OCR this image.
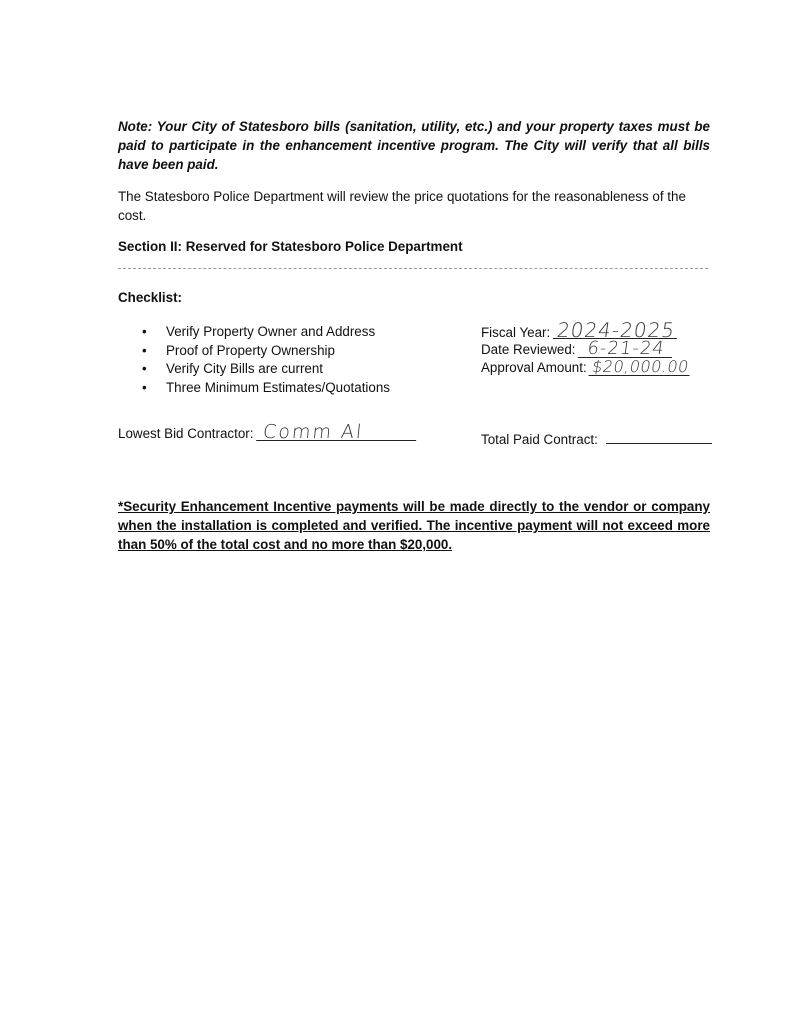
Note: Your City of Statesboro bills (sanitation, utility, etc.) and your property taxes must be paid to participate in the enhancement incentive program. The City will verify that all bills have been paid.

The Statesboro Police Department will review the price quotations for the reasonableness of the cost.

Section II: Reserved for Statesboro Police Department

Checklist:

• Verify Property Owner and Address
• Proof of Property Ownership
• Verify City Bills are current
• Three Minimum Estimates/Quotations
Fiscal Year: 2024-2025
Date Reviewed: 6-21-24
Approval Amount: $20,000.00
Lowest Bid Contractor: Comm Al	Total Paid Contract:

*Security Enhancement Incentive payments will be made directly to the vendor or company when the installation is completed and verified. The incentive payment will not exceed more than 50% of the total cost and no more than $20,000.
